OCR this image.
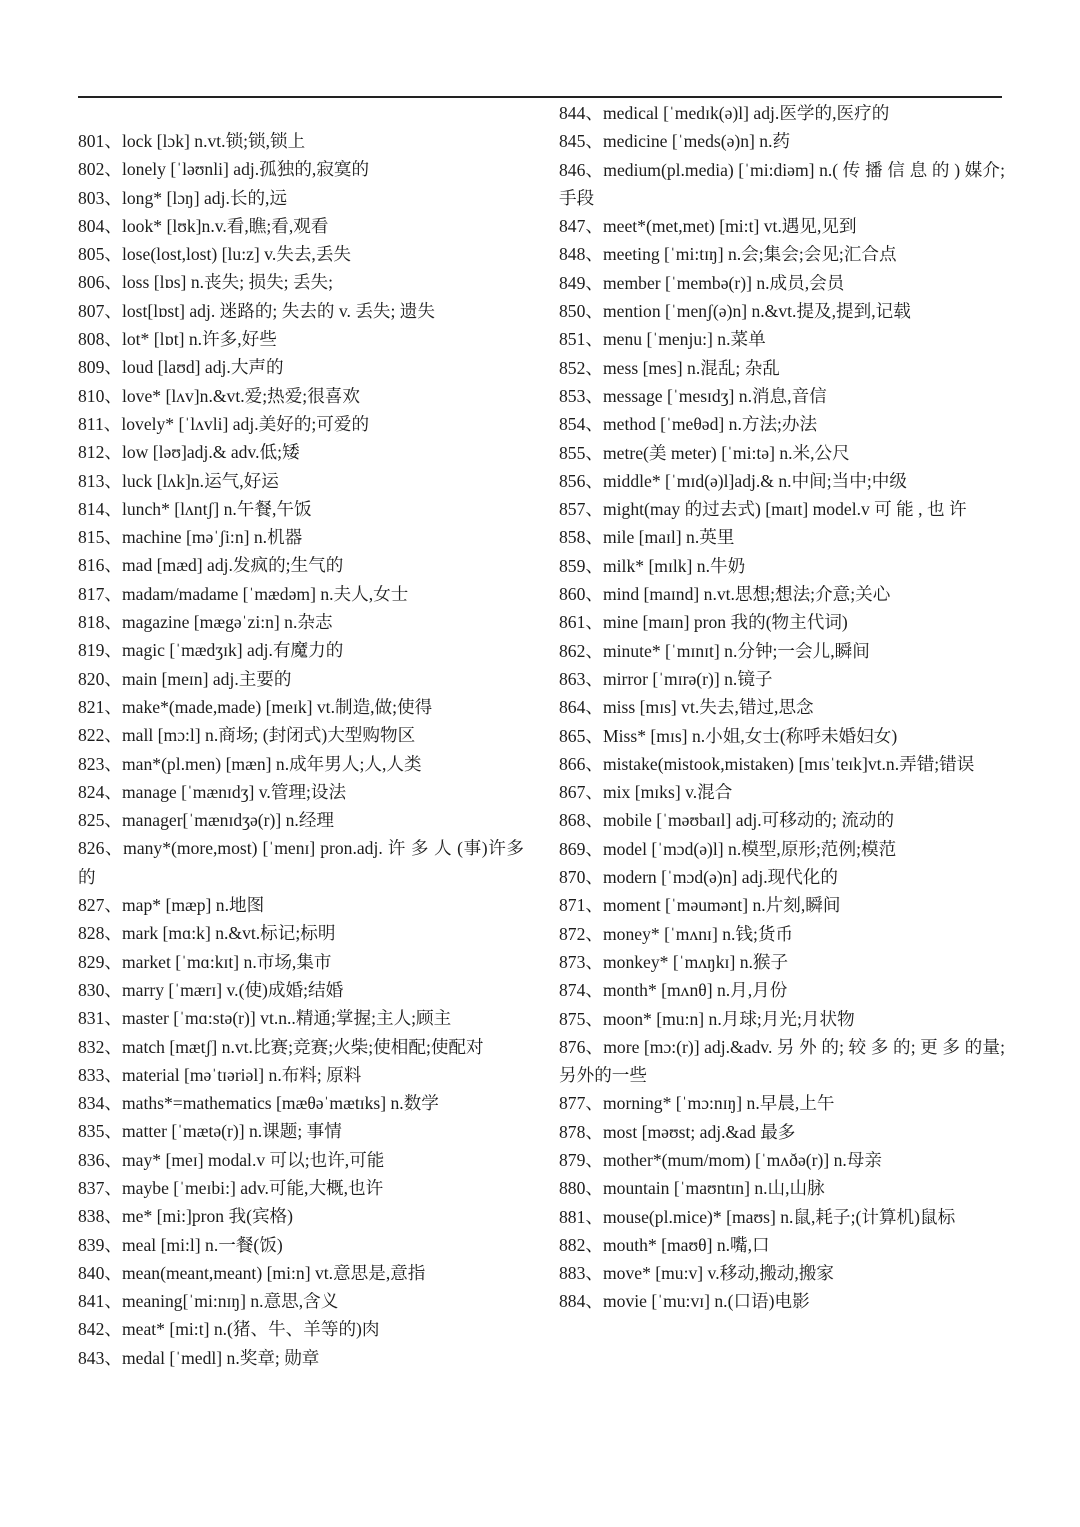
801、lock [lɔk] n.vt.锁;锁,锁上
802、lonely [ˈləʊnli] adj.孤独的,寂寞的
803、long* [lɔŋ] adj.长的,远
804、look* [lʊk]n.v.看,瞧;看,观看
805、lose(lost,lost) [lu:z] v.失去,丢失
806、loss [lɒs] n.丧失; 损失; 丢失;
807、lost[lɒst] adj. 迷路的; 失去的 v. 丢失; 遗失
808、lot* [lɒt] n.许多,好些
809、loud [laʊd] adj.大声的
810、love* [lʌv]n.&vt.爱;热爱;很喜欢
811、lovely* [ˈlʌvli] adj.美好的;可爱的
812、low [ləʊ]adj.& adv.低;矮
813、luck [lʌk]n.运气,好运
814、lunch* [lʌntʃ] n.午餐,午饭
815、machine [məˈʃi:n] n.机器
816、mad [mæd] adj.发疯的;生气的
817、madam/madame [ˈmædəm] n.夫人,女士
818、magazine [mægəˈzi:n] n.杂志
819、magic [ˈmædʒɪk] adj.有魔力的
820、main [meɪn] adj.主要的
821、make*(made,made) [meɪk] vt.制造,做;使得
822、mall [mɔ:l] n.商场; (封闭式)大型购物区
823、man*(pl.men) [mæn] n.成年男人;人,人类
824、manage [ˈmænɪdʒ] v.管理;设法
825、manager[ˈmænɪdʒə(r)] n.经理
826、many*(more,most) [ˈmenɪ] pron.adj. 许 多 人 (事)许多的
827、map* [mæp] n.地图
828、mark [mɑ:k] n.&vt.标记;标明
829、market [ˈmɑ:kɪt] n.市场,集市
830、marry [ˈmærɪ] v.(使)成婚;结婚
831、master [ˈmɑ:stə(r)] vt.n..精通;掌握;主人;顾主
832、match [mætʃ] n.vt.比赛;竞赛;火柴;使相配;使配对
833、material [məˈtɪəriəl] n.布料; 原料
834、maths*=mathematics [mæθəˈmætɪks] n.数学
835、matter [ˈmætə(r)] n.课题; 事情
836、may* [meɪ] modal.v 可以;也许,可能
837、maybe [ˈmeɪbi:] adv.可能,大概,也许
838、me* [mi:]pron 我(宾格)
839、meal [mi:l] n.一餐(饭)
840、mean(meant,meant) [mi:n] vt.意思是,意指
841、meaning[ˈmi:nɪŋ] n.意思,含义
842、meat* [mi:t] n.(猪、牛、羊等的)肉
843、medal [ˈmedl] n.奖章; 勋章
844、medical [ˈmedɪk(ə)l] adj.医学的,医疗的
845、medicine [ˈmeds(ə)n] n.药
846、medium(pl.media) [ˈmi:diəm] n.( 传 播 信 息 的 ) 媒介; 手段
847、meet*(met,met) [mi:t] vt.遇见,见到
848、meeting [ˈmi:tɪŋ] n.会;集会;会见;汇合点
849、member [ˈmembə(r)] n.成员,会员
850、mention [ˈmenʃ(ə)n] n.&vt.提及,提到,记载
851、menu [ˈmenju:] n.菜单
852、mess [mes] n.混乱; 杂乱
853、message [ˈmesɪdʒ] n.消息,音信
854、method [ˈmeθəd] n.方法;办法
855、metre(美 meter) [ˈmi:tə] n.米,公尺
856、middle* [ˈmɪd(ə)l]adj.& n.中间;当中;中级
857、might(may 的过去式) [maɪt] model.v 可 能 , 也 许
858、mile [maɪl] n.英里
859、milk* [mɪlk] n.牛奶
860、mind [maɪnd] n.vt.思想;想法;介意;关心
861、mine [maɪn] pron 我的(物主代词)
862、minute* [ˈmɪnɪt] n.分钟;一会儿,瞬间
863、mirror [ˈmɪrə(r)] n.镜子
864、miss [mɪs] vt.失去,错过,思念
865、Miss* [mɪs] n.小姐,女士(称呼未婚妇女)
866、mistake(mistook,mistaken) [mɪsˈteɪk]vt.n.弄错;错误
867、mix [mɪks] v.混合
868、mobile [ˈməʊbaɪl] adj.可移动的; 流动的
869、model [ˈmɔd(ə)l] n.模型,原形;范例;模范
870、modern [ˈmɔd(ə)n] adj.现代化的
871、moment [ˈməumənt] n.片刻,瞬间
872、money* [ˈmʌnɪ] n.钱;货币
873、monkey* [ˈmʌŋkɪ] n.猴子
874、month* [mʌnθ] n.月,月份
875、moon* [mu:n] n.月球;月光;月状物
876、more [mɔ:(r)] adj.&adv. 另 外 的; 较 多 的; 更 多 的量;另外的一些
877、morning* [ˈmɔ:nɪŋ] n.早晨,上午
878、most [məʊst; adj.&ad 最多
879、mother*(mum/mom) [ˈmʌðə(r)] n.母亲
880、mountain [ˈmaʊntɪn] n.山,山脉
881、mouse(pl.mice)* [maʊs] n.鼠,耗子;(计算机)鼠标
882、mouth* [maʊθ] n.嘴,口
883、move* [mu:v] v.移动,搬动,搬家
884、movie [ˈmu:vɪ] n.(口语)电影
